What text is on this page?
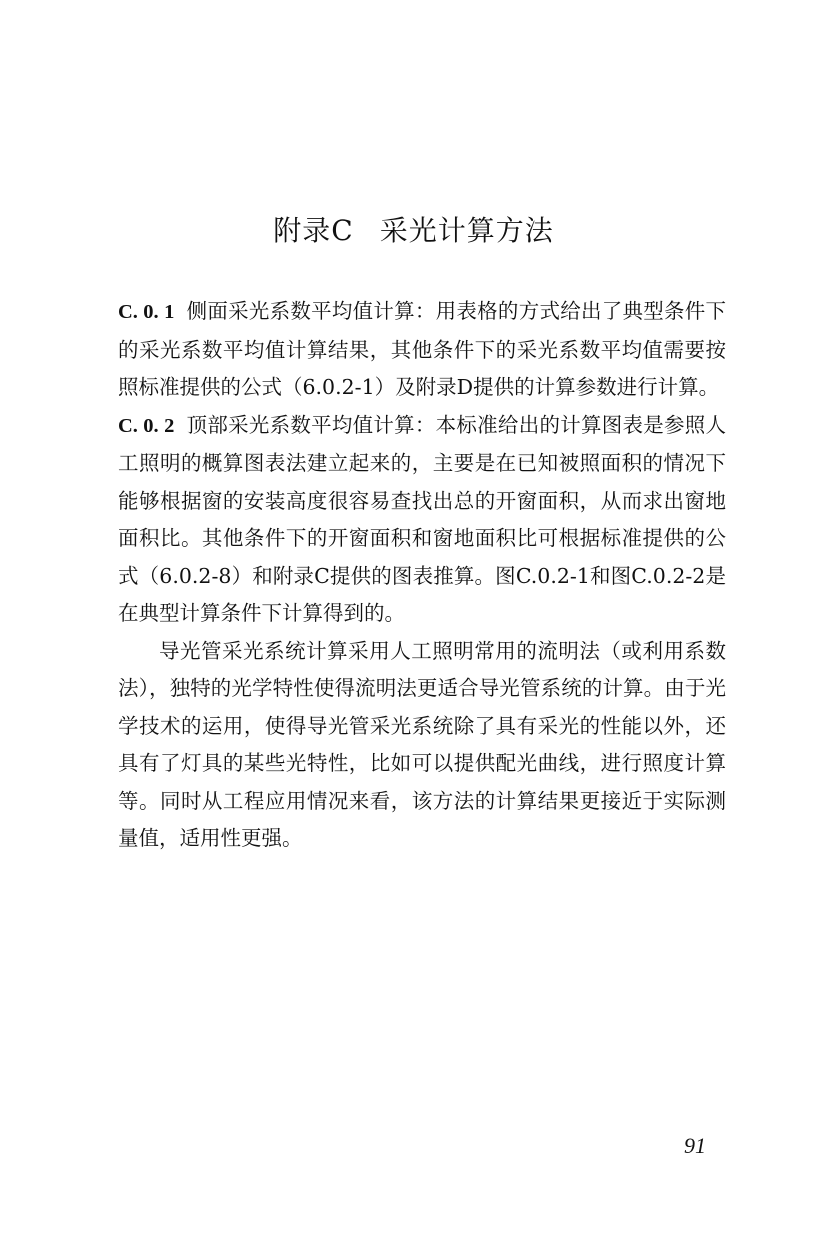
附录C 采光计算方法

C. 0. 1 侧面采光系数平均值计算：用表格的方式给出了典型条件下的采光系数平均值计算结果，其他条件下的采光系数平均值需要按照标准提供的公式（6.0.2-1）及附录D提供的计算参数进行计算。

C. 0. 2 顶部采光系数平均值计算：本标准给出的计算图表是参照人工照明的概算图表法建立起来的，主要是在已知被照面积的情况下能够根据窗的安装高度很容易查找出总的开窗面积，从而求出窗地面积比。其他条件下的开窗面积和窗地面积比可根据标准提供的公式（6.0.2-8）和附录C提供的图表推算。图C.0.2-1和图C.0.2-2是在典型计算条件下计算得到的。

导光管采光系统计算采用人工照明常用的流明法（或利用系数法），独特的光学特性使得流明法更适合导光管系统的计算。由于光学技术的运用，使得导光管采光系统除了具有采光的性能以外，还具有了灯具的某些光特性，比如可以提供配光曲线，进行照度计算等。同时从工程应用情况来看，该方法的计算结果更接近于实际测量值，适用性更强。

91
